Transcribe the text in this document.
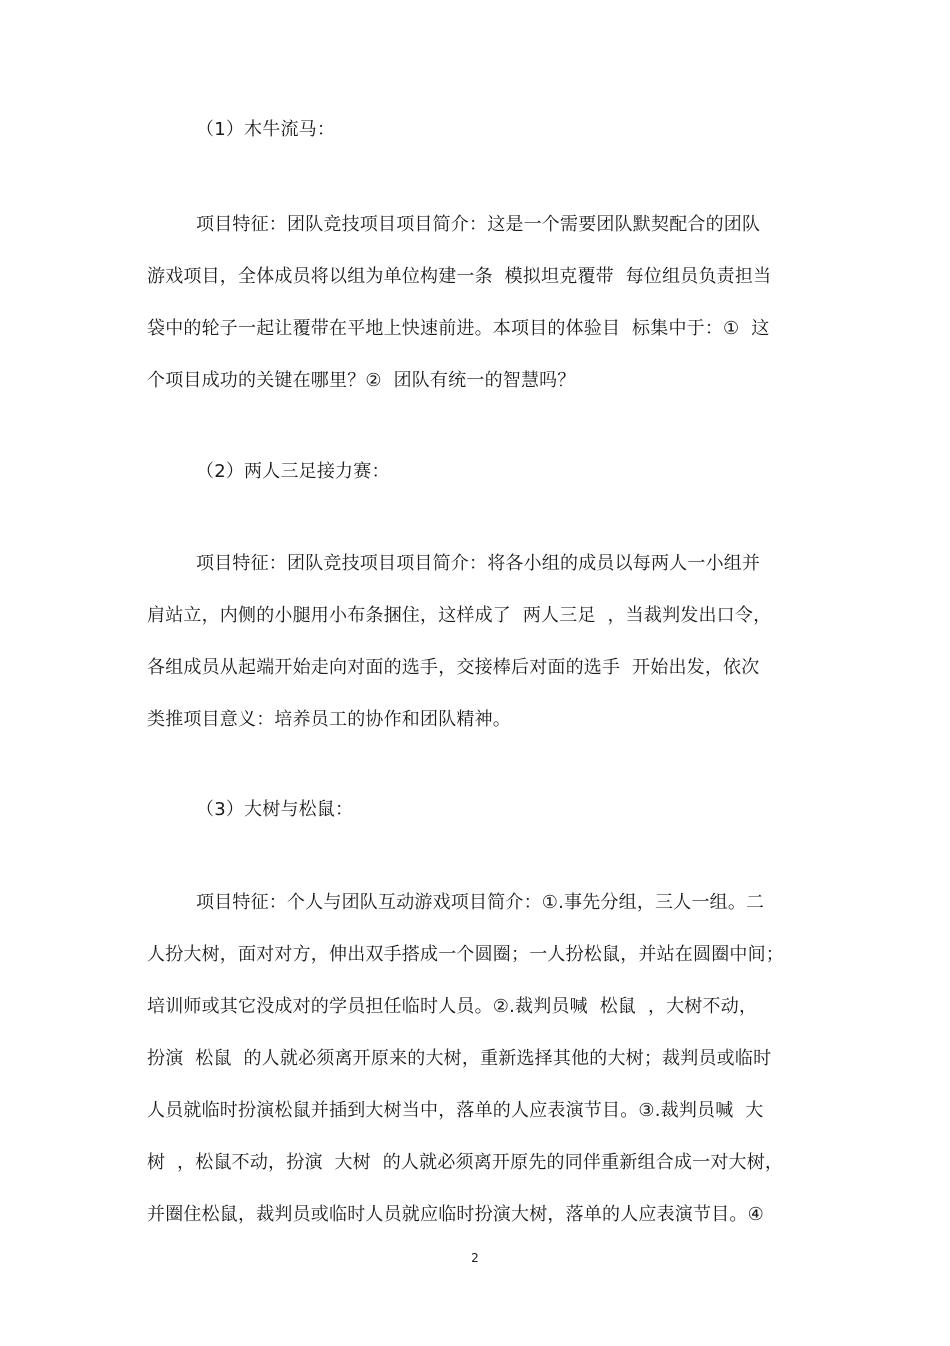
（1）木牛流马：
项目特征：团队竞技项目项目简介：这是一个需要团队默契配合的团队
游戏项目，全体成员将以组为单位构建一条  模拟坦克覆带  每位组员负责担当
袋中的轮子一起让覆带在平地上快速前进。本项目的体验目  标集中于：①  这
个项目成功的关键在哪里？②  团队有统一的智慧吗？
（2）两人三足接力赛：
项目特征：团队竞技项目项目简介：将各小组的成员以每两人一小组并
肩站立，内侧的小腿用小布条捆住，这样成了  两人三足  ，当裁判发出口令，
各组成员从起端开始走向对面的选手，交接棒后对面的选手  开始出发，依次
类推项目意义：培养员工的协作和团队精神。
（3）大树与松鼠：
项目特征：个人与团队互动游戏项目简介：①.事先分组，三人一组。二
人扮大树，面对对方，伸出双手搭成一个圆圈；一人扮松鼠，并站在圆圈中间；
培训师或其它没成对的学员担任临时人员。②.裁判员喊  松鼠  ，大树不动，
扮演  松鼠  的人就必须离开原来的大树，重新选择其他的大树；裁判员或临时
人员就临时扮演松鼠并插到大树当中，落单的人应表演节目。③.裁判员喊  大
树  ，松鼠不动，扮演  大树  的人就必须离开原先的同伴重新组合成一对大树，
并圈住松鼠，裁判员或临时人员就应临时扮演大树，落单的人应表演节目。④
2
